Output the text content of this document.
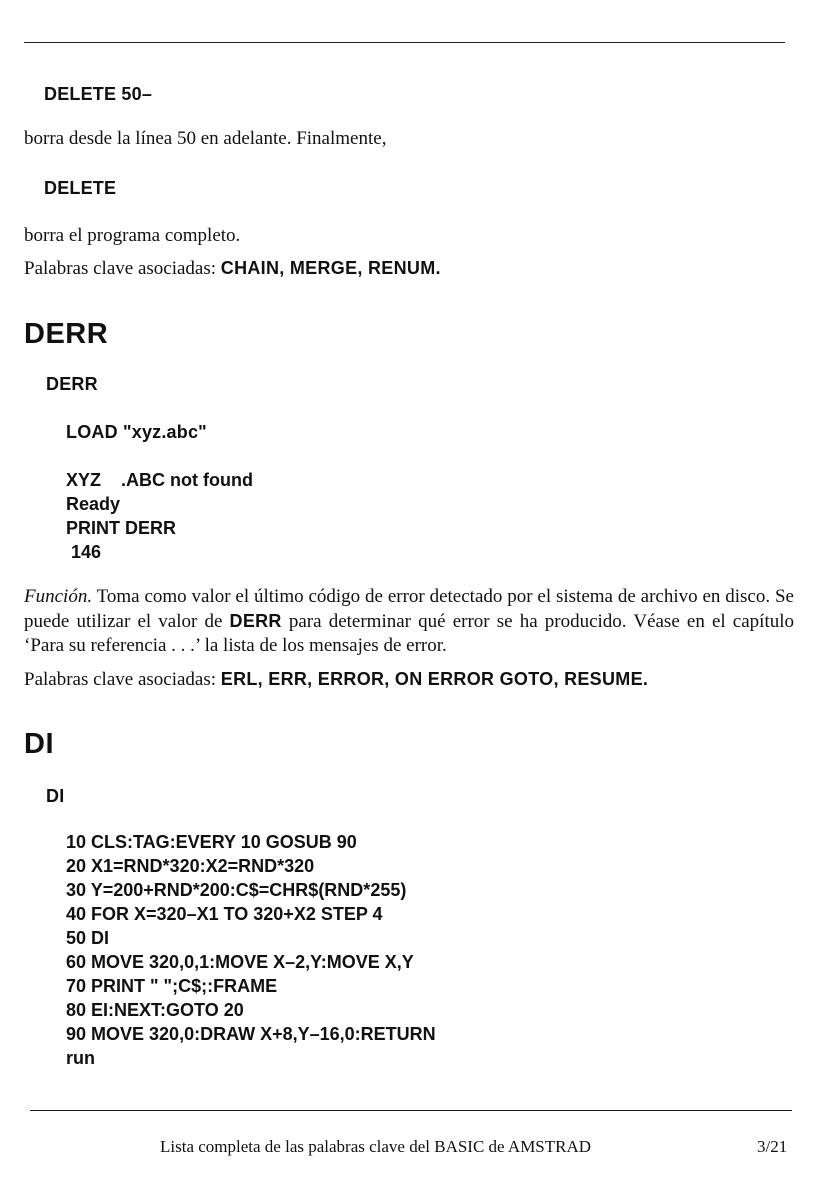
DELETE 50–
borra desde la línea 50 en adelante. Finalmente,
DELETE
borra el programa completo.
Palabras clave asociadas: CHAIN, MERGE, RENUM.
DERR
DERR
LOAD "xyz.abc"
XYZ    .ABC not found
Ready
PRINT DERR
146
Función. Toma como valor el último código de error detectado por el sistema de archivo en disco. Se puede utilizar el valor de DERR para determinar qué error se ha producido. Véase en el capítulo ‘Para su referencia . . .’ la lista de los mensajes de error.
Palabras clave asociadas: ERL, ERR, ERROR, ON ERROR GOTO, RESUME.
DI
DI
10 CLS:TAG:EVERY 10 GOSUB 90
20 X1=RND*320:X2=RND*320
30 Y=200+RND*200:C$=CHR$(RND*255)
40 FOR X=320–X1 TO 320+X2 STEP 4
50 DI
60 MOVE 320,0,1:MOVE X–2,Y:MOVE X,Y
70 PRINT " ";C$;:FRAME
80 EI:NEXT:GOTO 20
90 MOVE 320,0:DRAW X+8,Y–16,0:RETURN
run
Lista completa de las palabras clave del BASIC de AMSTRAD	3/21
